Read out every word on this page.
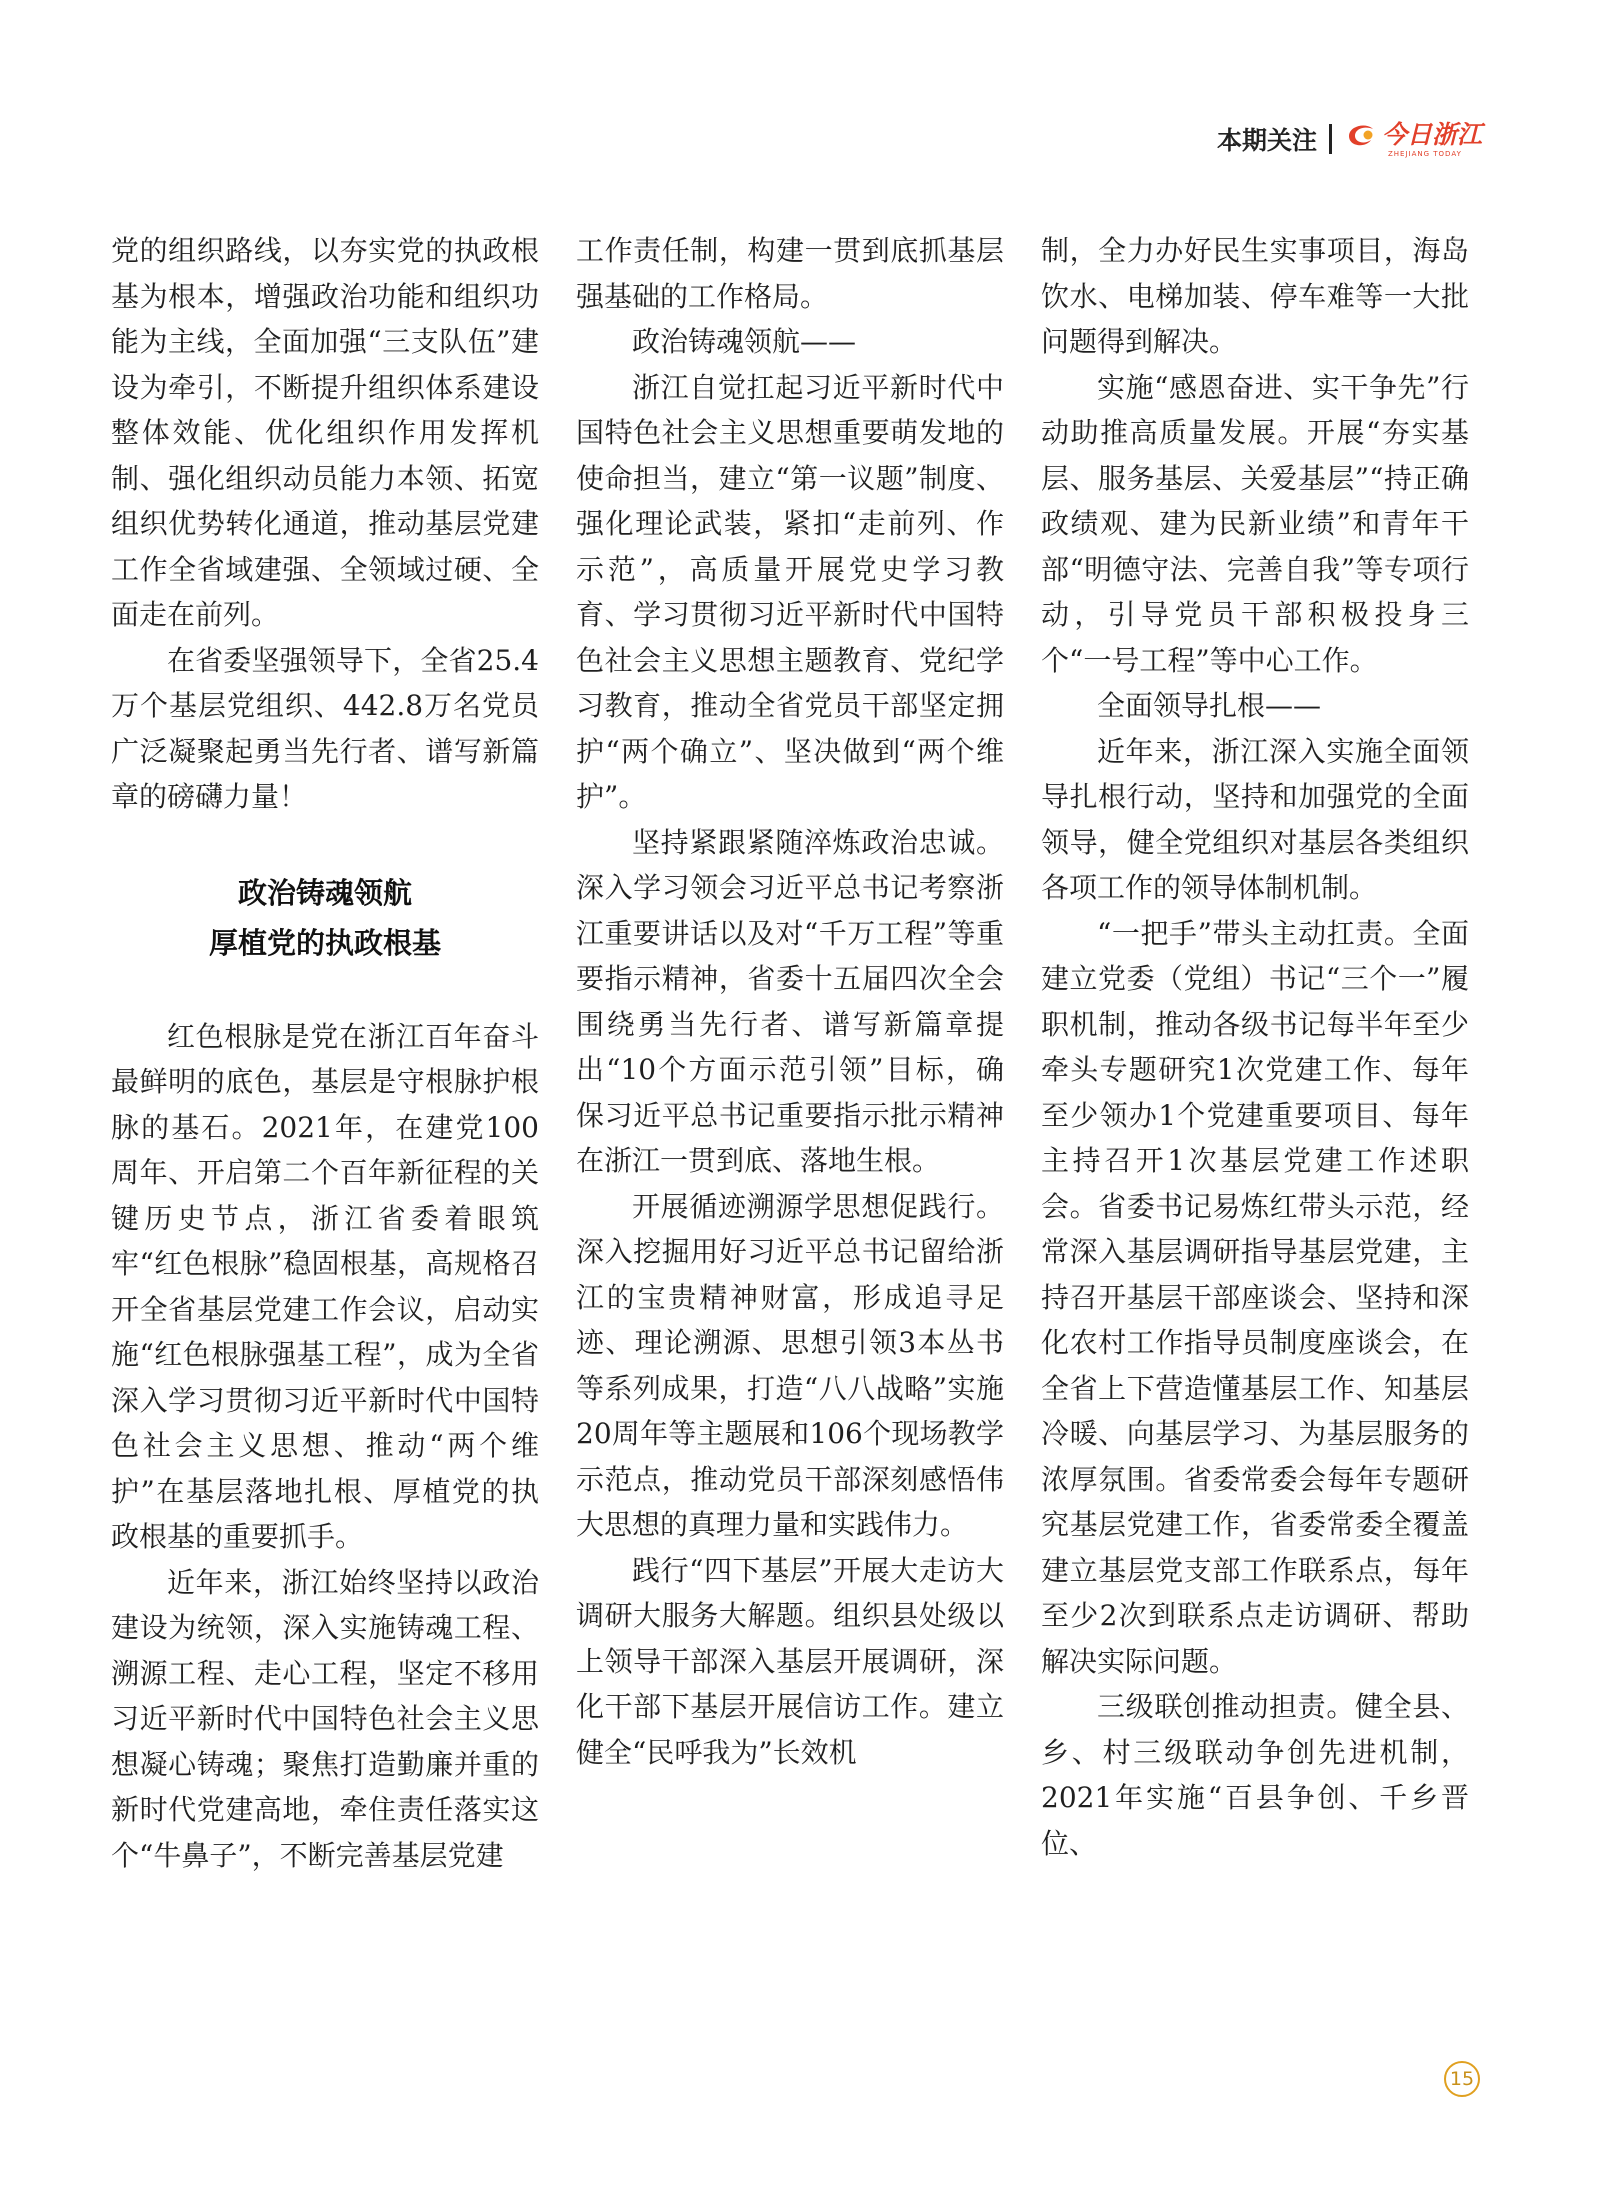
本期关注	今日浙江
ZHEJIANG TODAY

党的组织路线，以夯实党的执政根基为根本，增强政治功能和组织功能为主线，全面加强“三支队伍”建设为牵引，不断提升组织体系建设整体效能、优化组织作用发挥机制、强化组织动员能力本领、拓宽组织优势转化通道，推动基层党建工作全省域建强、全领域过硬、全面走在前列。

在省委坚强领导下，全省25.4万个基层党组织、442.8万名党员广泛凝聚起勇当先行者、谱写新篇章的磅礴力量！

政治铸魂领航
厚植党的执政根基

红色根脉是党在浙江百年奋斗最鲜明的底色，基层是守根脉护根脉的基石。2021年，在建党100周年、开启第二个百年新征程的关键历史节点，浙江省委着眼筑牢“红色根脉”稳固根基，高规格召开全省基层党建工作会议，启动实施“红色根脉强基工程”，成为全省深入学习贯彻习近平新时代中国特色社会主义思想、推动“两个维护”在基层落地扎根、厚植党的执政根基的重要抓手。

近年来，浙江始终坚持以政治建设为统领，深入实施铸魂工程、溯源工程、走心工程，坚定不移用习近平新时代中国特色社会主义思想凝心铸魂；聚焦打造勤廉并重的新时代党建高地，牵住责任落实这个“牛鼻子”，不断完善基层党建

工作责任制，构建一贯到底抓基层强基础的工作格局。

政治铸魂领航——

浙江自觉扛起习近平新时代中国特色社会主义思想重要萌发地的使命担当，建立“第一议题”制度、强化理论武装，紧扣“走前列、作示范”，高质量开展党史学习教育、学习贯彻习近平新时代中国特色社会主义思想主题教育、党纪学习教育，推动全省党员干部坚定拥护“两个确立”、坚决做到“两个维护”。

坚持紧跟紧随淬炼政治忠诚。深入学习领会习近平总书记考察浙江重要讲话以及对“千万工程”等重要指示精神，省委十五届四次全会围绕勇当先行者、谱写新篇章提出“10个方面示范引领”目标，确保习近平总书记重要指示批示精神在浙江一贯到底、落地生根。

开展循迹溯源学思想促践行。深入挖掘用好习近平总书记留给浙江的宝贵精神财富，形成追寻足迹、理论溯源、思想引领3本丛书等系列成果，打造“八八战略”实施20周年等主题展和106个现场教学示范点，推动党员干部深刻感悟伟大思想的真理力量和实践伟力。

践行“四下基层”开展大走访大调研大服务大解题。组织县处级以上领导干部深入基层开展调研，深化干部下基层开展信访工作。建立健全“民呼我为”长效机

制，全力办好民生实事项目，海岛饮水、电梯加装、停车难等一大批问题得到解决。

实施“感恩奋进、实干争先”行动助推高质量发展。开展“夯实基层、服务基层、关爱基层”“持正确政绩观、建为民新业绩”和青年干部“明德守法、完善自我”等专项行动，引导党员干部积极投身三个“一号工程”等中心工作。

全面领导扎根——

近年来，浙江深入实施全面领导扎根行动，坚持和加强党的全面领导，健全党组织对基层各类组织各项工作的领导体制机制。

“一把手”带头主动扛责。全面建立党委（党组）书记“三个一”履职机制，推动各级书记每半年至少牵头专题研究1次党建工作、每年至少领办1个党建重要项目、每年主持召开1次基层党建工作述职会。省委书记易炼红带头示范，经常深入基层调研指导基层党建，主持召开基层干部座谈会、坚持和深化农村工作指导员制度座谈会，在全省上下营造懂基层工作、知基层冷暖、向基层学习、为基层服务的浓厚氛围。省委常委会每年专题研究基层党建工作，省委常委全覆盖建立基层党支部工作联系点，每年至少2次到联系点走访调研、帮助解决实际问题。

三级联创推动担责。健全县、乡、村三级联动争创先进机制，2021年实施“百县争创、千乡晋位、

15
